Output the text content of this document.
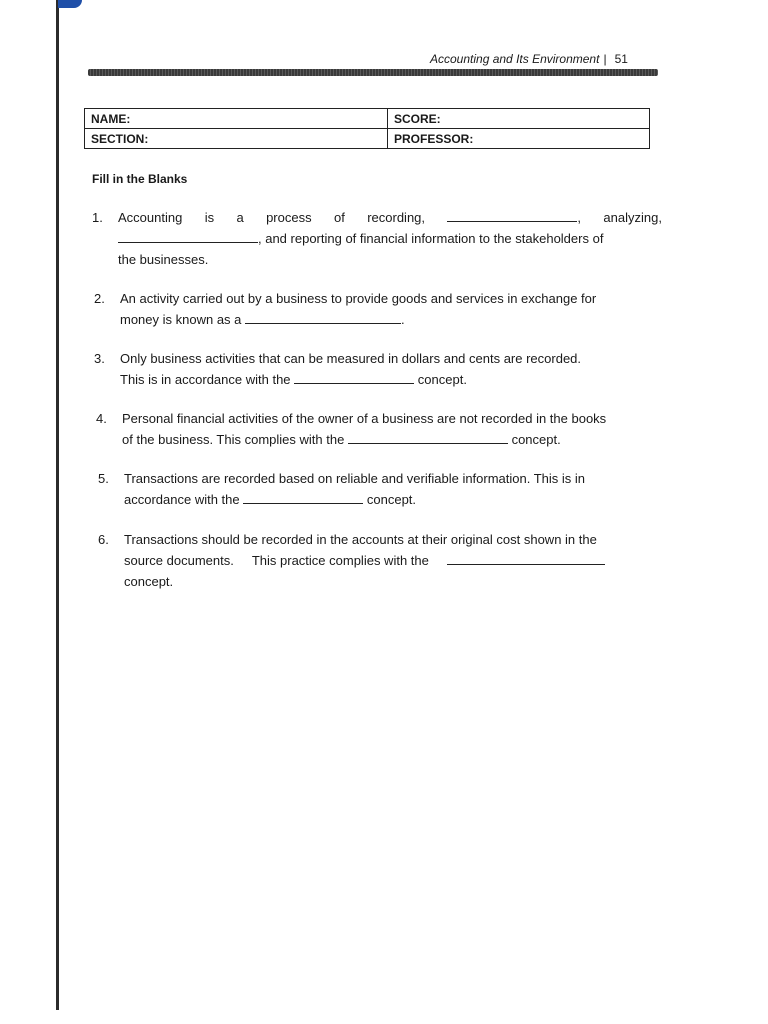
Accounting and Its Environment | 51
NAME:	SCORE:
SECTION:	PROFESSOR:
Fill in the Blanks
1. Accounting is a process of recording,	, analyzing,
, and reporting of financial information to the stakeholders of
the businesses.
2. An activity carried out by a business to provide goods and services in exchange for
money is known as a	.
3. Only business activities that can be measured in dollars and cents are recorded.
This is in accordance with the	concept.
4. Personal financial activities of the owner of a business are not recorded in the books
of the business. This complies with the	concept.
5. Transactions are recorded based on reliable and verifiable information. This is in
accordance with the	concept.
6. Transactions should be recorded in the accounts at their original cost shown in the
source documents. This practice complies with the
concept.
